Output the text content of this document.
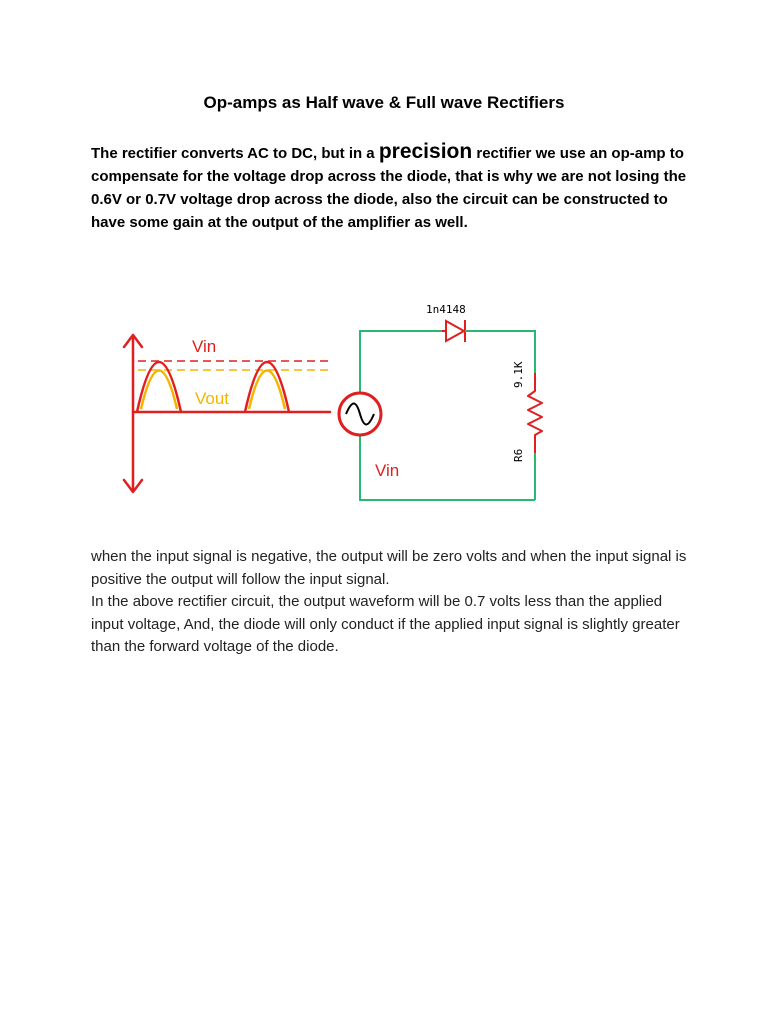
Op-amps as Half wave & Full wave Rectifiers

The rectifier converts AC to DC, but in a precision rectifier we use an op-amp to compensate for the voltage drop across the diode, that is why we are not losing the 0.6V or 0.7V voltage drop across the diode, also the circuit can be constructed to have some gain at the output of the amplifier as well.

Vin
Vout
1n4148
9.1K
R6
Vin

when the input signal is negative, the output will be zero volts and when the input signal is positive the output will follow the input signal.

In the above rectifier circuit, the output waveform will be 0.7 volts less than the applied input voltage, And, the diode will only conduct if the applied input signal is slightly greater than the forward voltage of the diode.
